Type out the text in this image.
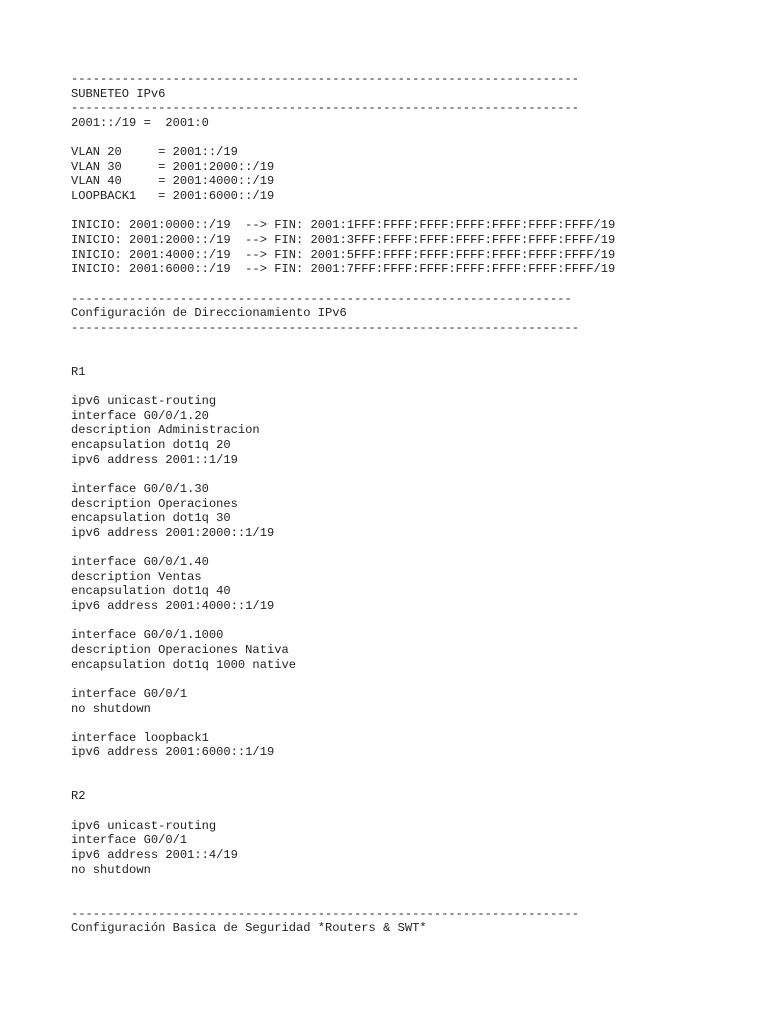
----------------------------------------------------------------------
SUBNETEO IPv6
----------------------------------------------------------------------
2001::/19 =  2001:0
VLAN 20     = 2001::/19
VLAN 30     = 2001:2000::/19
VLAN 40     = 2001:4000::/19
LOOPBACK1   = 2001:6000::/19
INICIO: 2001:0000::/19  --> FIN: 2001:1FFF:FFFF:FFFF:FFFF:FFFF:FFFF:FFFF/19
INICIO: 2001:2000::/19  --> FIN: 2001:3FFF:FFFF:FFFF:FFFF:FFFF:FFFF:FFFF/19
INICIO: 2001:4000::/19  --> FIN: 2001:5FFF:FFFF:FFFF:FFFF:FFFF:FFFF:FFFF/19
INICIO: 2001:6000::/19  --> FIN: 2001:7FFF:FFFF:FFFF:FFFF:FFFF:FFFF:FFFF/19
---------------------------------------------------------------------
Configuración de Direccionamiento IPv6
----------------------------------------------------------------------
R1
ipv6 unicast-routing
interface G0/0/1.20
description Administracion
encapsulation dot1q 20
ipv6 address 2001::1/19
interface G0/0/1.30
description Operaciones
encapsulation dot1q 30
ipv6 address 2001:2000::1/19
interface G0/0/1.40
description Ventas
encapsulation dot1q 40
ipv6 address 2001:4000::1/19
interface G0/0/1.1000
description Operaciones Nativa
encapsulation dot1q 1000 native
interface G0/0/1
no shutdown
interface loopback1
ipv6 address 2001:6000::1/19
R2
ipv6 unicast-routing
interface G0/0/1
ipv6 address 2001::4/19
no shutdown
----------------------------------------------------------------------
Configuración Basica de Seguridad *Routers & SWT*
